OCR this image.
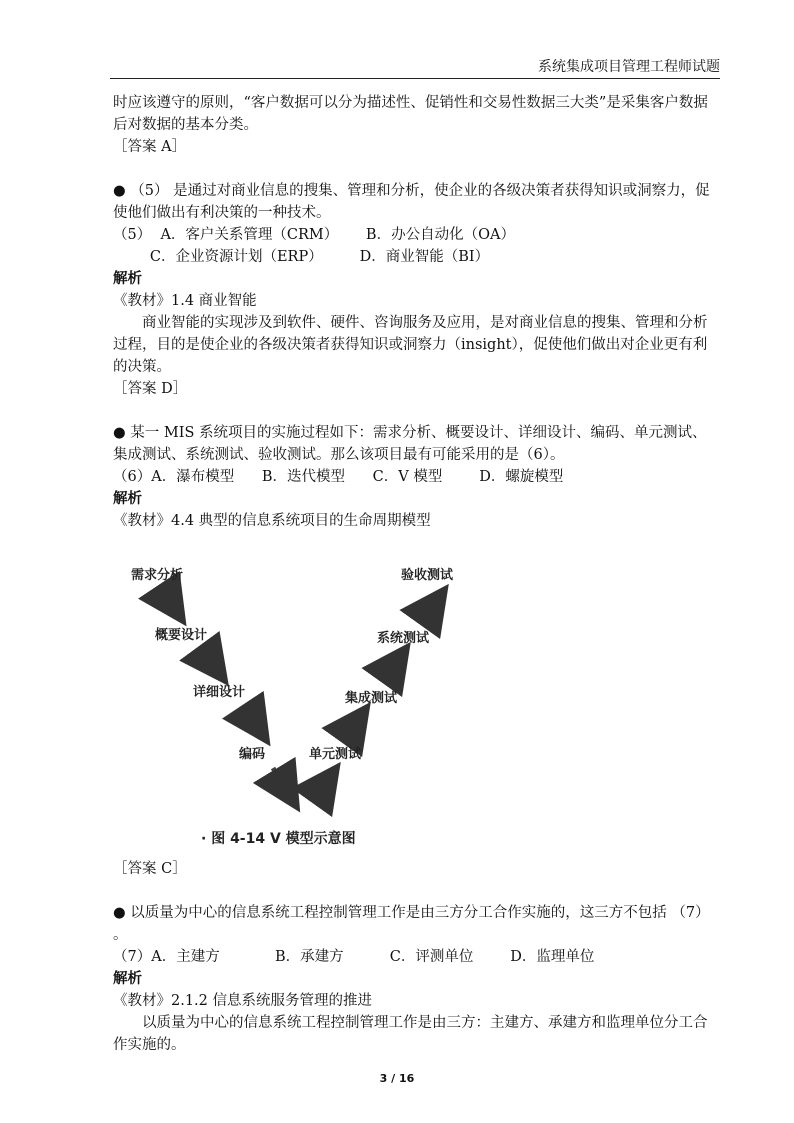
系统集成项目管理工程师试题

时应该遵守的原则，“客户数据可以分为描述性、促销性和交易性数据三大类”是采集客户数据后对数据的基本分类。

［答案 A］

● （5） 是通过对商业信息的搜集、管理和分析，使企业的各级决策者获得知识或洞察力，促使他们做出有利决策的一种技术。

（5）  A．客户关系管理（CRM）      B．办公自动化（OA）

C．企业资源计划（ERP）        D．商业智能（BI）

解析

《教材》1.4 商业智能

商业智能的实现涉及到软件、硬件、咨询服务及应用，是对商业信息的搜集、管理和分析过程，目的是使企业的各级决策者获得知识或洞察力（insight），促使他们做出对企业更有利的决策。

［答案 D］

● 某一 MIS 系统项目的实施过程如下：需求分析、概要设计、详细设计、编码、单元测试、集成测试、系统测试、验收测试。那么该项目最有可能采用的是（6）。

（6）A．瀑布模型      B．迭代模型      C．V 模型        D．螺旋模型

解析

《教材》4.4 典型的信息系统项目的生命周期模型

需求分析
概要设计
详细设计
编码	单元测试
集成测试
系统测试
验收测试
· 图 4-14 V 模型示意图

［答案 C］

● 以质量为中心的信息系统工程控制管理工作是由三方分工合作实施的，这三方不包括 （7） 。

（7）A．主建方            B．承建方          C．评测单位        D．监理单位

解析

《教材》2.1.2 信息系统服务管理的推进

以质量为中心的信息系统工程控制管理工作是由三方：主建方、承建方和监理单位分工合作实施的。

3 / 16
